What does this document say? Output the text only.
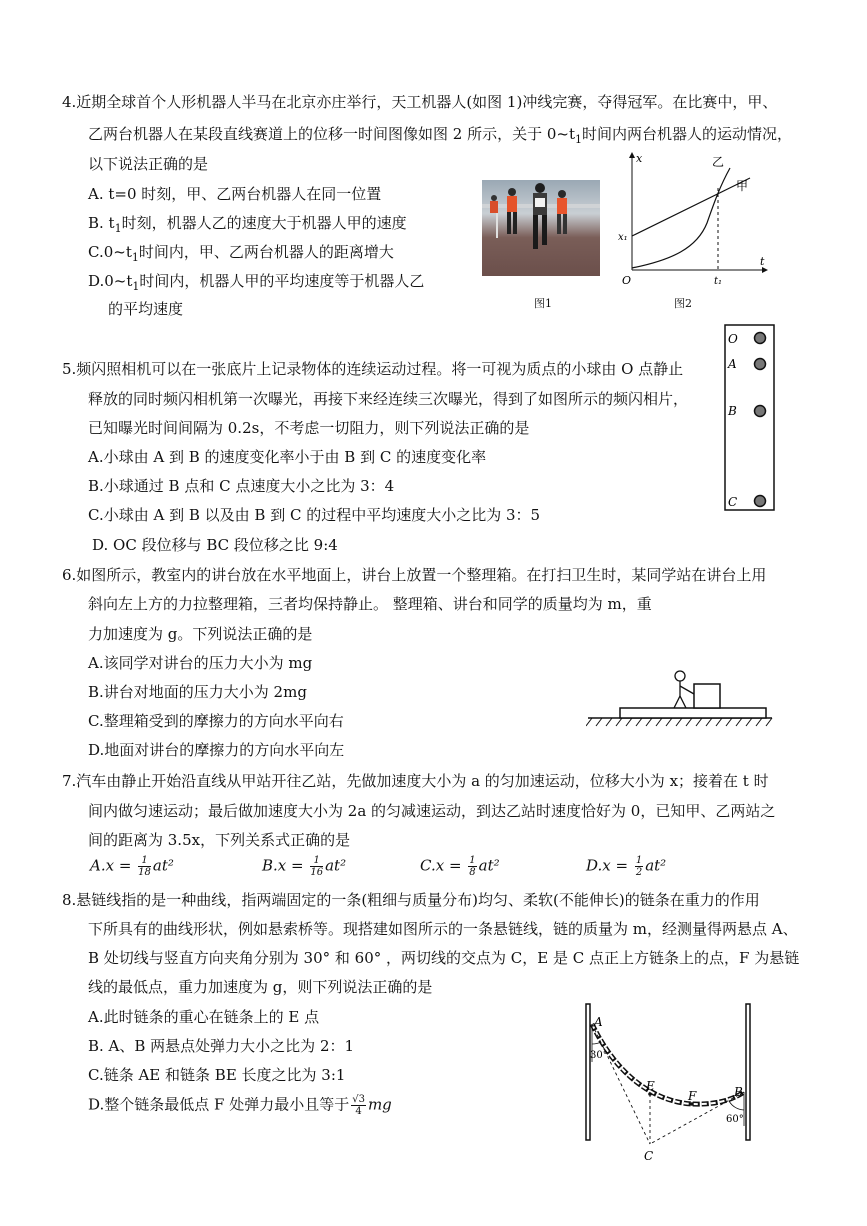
4.近期全球首个人形机器人半马在北京亦庄举行，天工机器人(如图 1)冲线完赛，夺得冠军。在比赛中，甲、
乙两台机器人在某段直线赛道上的位移一时间图像如图 2 所示，关于 $0\sim t_1$时间内两台机器人的运动情况，
以下说法正确的是
A. t=0 时刻，甲、乙两台机器人在同一位置
B. $t_1$时刻，机器人乙的速度大于机器人甲的速度
$C.0\sim t_1$时间内，甲、乙两台机器人的距离增大
$D.0\sim t_1$时间内，机器人甲的平均速度等于机器人乙
的平均速度	图1
x
t
O
x₁
t₁
乙
甲
图2
5.频闪照相机可以在一张底片上记录物体的连续运动过程。将一可视为质点的小球由 O 点静止
释放的同时频闪相机第一次曝光，再接下来经连续三次曝光，得到了如图所示的频闪相片，
已知曝光时间间隔为 0.2s，不考虑一切阻力，则下列说法正确的是
A.小球由 A 到 B 的速度变化率小于由 B 到 C 的速度变化率
B.小球通过 B 点和 C 点速度大小之比为 3：4
C.小球由 A 到 B 以及由 B 到 C 的过程中平均速度大小之比为 3：5
D. OC 段位移与 BC 段位移之比 9:4
O
A
B
C
6.如图所示，教室内的讲台放在水平地面上，讲台上放置一个整理箱。在打扫卫生时，某同学站在讲台上用
斜向左上方的力拉整理箱，三者均保持静止。 整理箱、讲台和同学的质量均为 m，重
力加速度为 g。下列说法正确的是
A.该同学对讲台的压力大小为 mg
B.讲台对地面的压力大小为 2mg
C.整理箱受到的摩擦力的方向水平向右
D.地面对讲台的摩擦力的方向水平向左
7.汽车由静止开始沿直线从甲站开往乙站，先做加速度大小为 a 的匀加速运动，位移大小为 x；接着在 t 时
间内做匀速运动；最后做加速度大小为 2a 的匀减速运动，到达乙站时速度恰好为 0，已知甲、乙两站之
间的距离为 3.5x，下列关系式正确的是
$A.x = \frac{1}{18} at^2$	$B.x = \frac{1}{16} at^2$	$C.x = \frac{1}{8} at^2$	$D.x = \frac{1}{2} at^2$
8.悬链线指的是一种曲线，指两端固定的一条(粗细与质量分布)均匀、柔软(不能伸长)的链条在重力的作用
下所具有的曲线形状，例如悬索桥等。现搭建如图所示的一条悬链线，链的质量为 m，经测量得两悬点 A、
B 处切线与竖直方向夹角分别为 30° 和 60° ，两切线的交点为 C，E 是 C 点正上方链条上的点，F 为悬链
线的最低点，重力加速度为 g，则下列说法正确的是
A.此时链条的重心在链条上的 E 点
B. A、B 两悬点处弹力大小之比为 2：1
C.链条 AE 和链条 BE 长度之比为 3:1
D.整个链条最低点 F 处弹力最小且等于 $\frac{√3}{4}$ mg
A
B
C
E
F
30°
60°
